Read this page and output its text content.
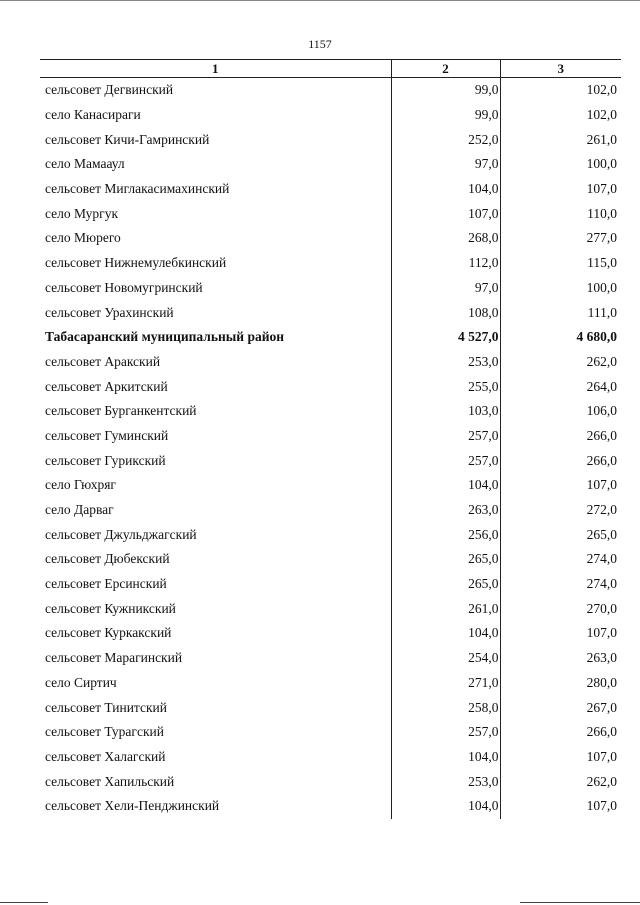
1157
1	2	3
сельсовет Дегвинский	99,0	102,0
село Канасираги	99,0	102,0
сельсовет Кичи-Гамринский	252,0	261,0
село Мамааул	97,0	100,0
сельсовет Миглакасимахинский	104,0	107,0
село Мургук	107,0	110,0
село Мюрего	268,0	277,0
сельсовет Нижнемулебкинский	112,0	115,0
сельсовет Новомугринский	97,0	100,0
сельсовет Урахинский	108,0	111,0
Табасаранский муниципальный район	4 527,0	4 680,0
сельсовет Аракский	253,0	262,0
сельсовет Аркитский	255,0	264,0
сельсовет Бурганкентский	103,0	106,0
сельсовет Гуминский	257,0	266,0
сельсовет Гурикский	257,0	266,0
село Гюхряг	104,0	107,0
село Дарваг	263,0	272,0
сельсовет Джульджагский	256,0	265,0
сельсовет Дюбекский	265,0	274,0
сельсовет Ерсинский	265,0	274,0
сельсовет Кужникский	261,0	270,0
сельсовет Куркакский	104,0	107,0
сельсовет Марагинский	254,0	263,0
село Сиртич	271,0	280,0
сельсовет Тинитский	258,0	267,0
сельсовет Турагский	257,0	266,0
сельсовет Халагский	104,0	107,0
сельсовет Хапильский	253,0	262,0
сельсовет Хели-Пенджинский	104,0	107,0
